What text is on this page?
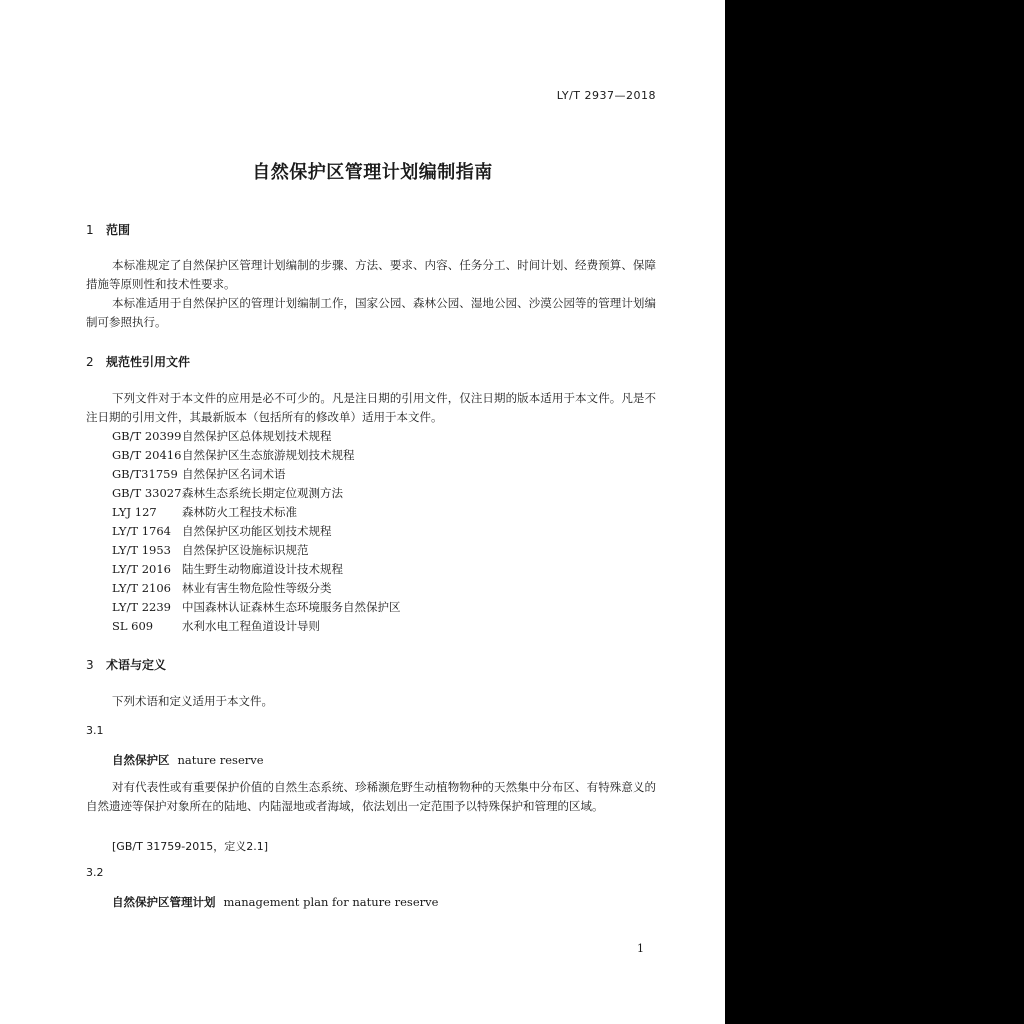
LY/T 2937—2018
自然保护区管理计划编制指南
1 范围
本标准规定了自然保护区管理计划编制的步骤、方法、要求、内容、任务分工、时间计划、经费预算、保障措施等原则性和技术性要求。
本标准适用于自然保护区的管理计划编制工作，国家公园、森林公园、湿地公园、沙漠公园等的管理计划编制可参照执行。
2 规范性引用文件
下列文件对于本文件的应用是必不可少的。凡是注日期的引用文件，仅注日期的版本适用于本文件。凡是不注日期的引用文件，其最新版本（包括所有的修改单）适用于本文件。
GB/T 20399自然保护区总体规划技术规程
GB/T 20416自然保护区生态旅游规划技术规程
GB/T31759 自然保护区名词术语
GB/T 33027森林生态系统长期定位观测方法
LYJ 127 森林防火工程技术标准
LY/T 1764 自然保护区功能区划技术规程
LY/T 1953 自然保护区设施标识规范
LY/T 2016 陆生野生动物廊道设计技术规程
LY/T 2106 林业有害生物危险性等级分类
LY/T 2239 中国森林认证森林生态环境服务自然保护区
SL 609	水利水电工程鱼道设计导则
3 术语与定义
下列术语和定义适用于本文件。
3.1
自然保护区 nature reserve
对有代表性或有重要保护价值的自然生态系统、珍稀濒危野生动植物物种的天然集中分布区、有特殊意义的自然遗迹等保护对象所在的陆地、内陆湿地或者海域，依法划出一定范围予以特殊保护和管理的区域。
[GB/T 31759-2015，定义2.1]
3.2
自然保护区管理计划 management plan for nature reserve
1
